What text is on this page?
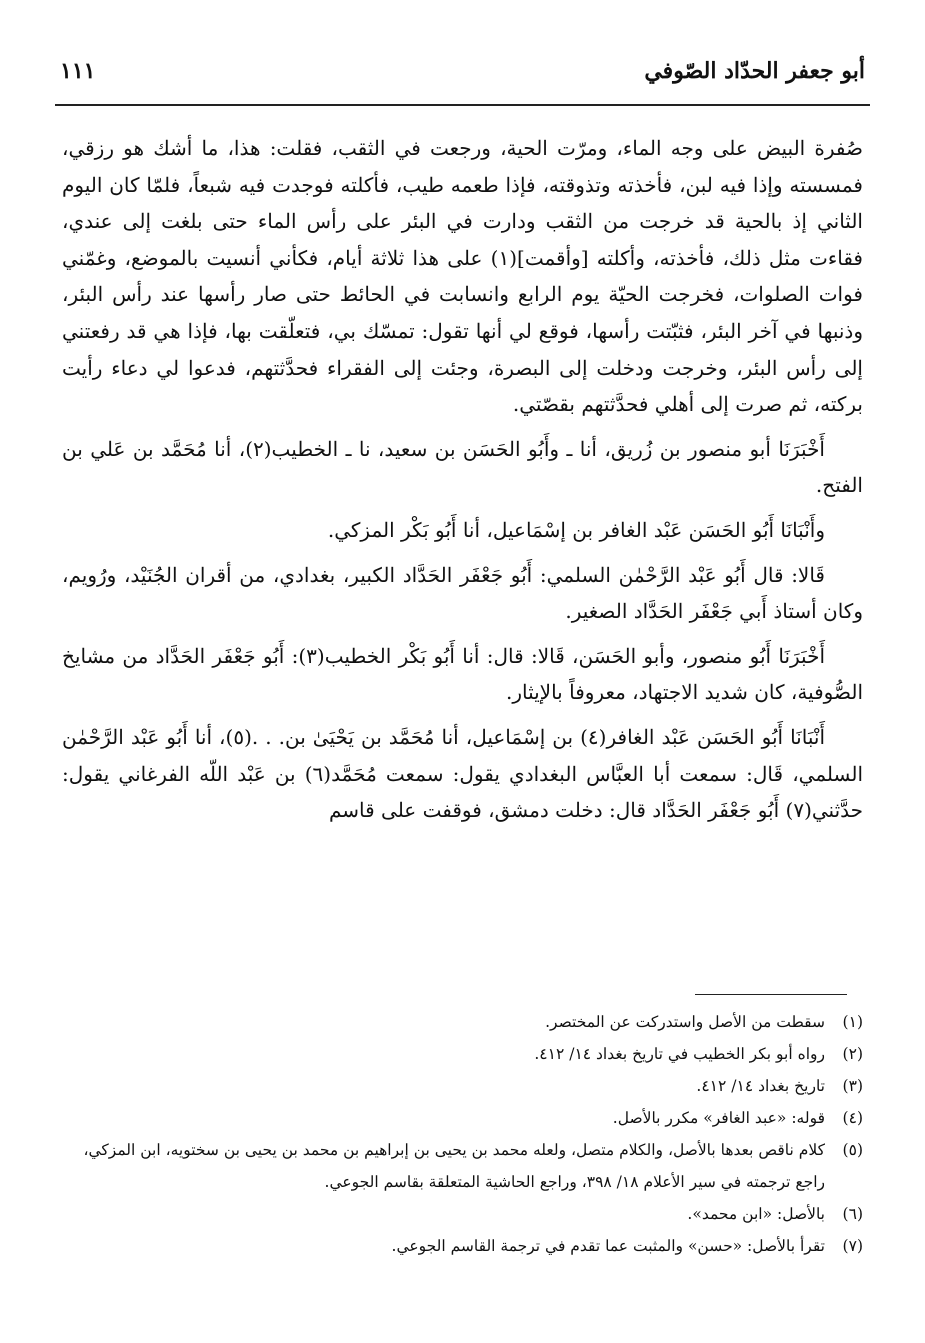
أبو جعفر الحدّاد الصّوفي
١١١

صُفرة البيض على وجه الماء، ومرّت الحية، ورجعت في الثقب، فقلت: هذا، ما أشك هو رزقي، فمسسته وإذا فيه لبن، فأخذته وتذوقته، فإذا طعمه طيب، فأكلته فوجدت فيه شبعاً، فلمّا كان اليوم الثاني إذ بالحية قد خرجت من الثقب ودارت في البئر على رأس الماء حتى بلغت إلى عندي، فقاءت مثل ذلك، فأخذته، وأكلته [وأقمت](١) على هذا ثلاثة أيام، فكأني أنسيت بالموضع، وغمّني فوات الصلوات، فخرجت الحيّة يوم الرابع وانسابت في الحائط حتى صار رأسها عند رأس البئر، وذنبها في آخر البئر، فثبّتت رأسها، فوقع لي أنها تقول: تمسّك بي، فتعلّقت بها، فإذا هي قد رفعتني إلى رأس البئر، وخرجت ودخلت إلى البصرة، وجئت إلى الفقراء فحدَّثتهم، فدعوا لي دعاء رأيت بركته، ثم صرت إلى أهلي فحدَّثتهم بقصّتي.

أَخْبَرَنَا أبو منصور بن زُريق، أنا ـ وأَبُو الحَسَن بن سعيد، نا ـ الخطيب(٢)، أنا مُحَمَّد بن عَلي بن الفتح.

وأَنْبَانَا أَبُو الحَسَن عَبْد الغافر بن إسْمَاعيل، أنا أَبُو بَكْر المزكي.

قَالا: قال أَبُو عَبْد الرَّحْمٰن السلمي: أَبُو جَعْفَر الحَدَّاد الكبير، بغدادي، من أقران الجُنَيْد، ورُويم، وكان أستاذ أَبي جَعْفَر الحَدَّاد الصغير.

أَخْبَرَنَا أَبُو منصور، وأبو الحَسَن، قَالا: قال: أنا أَبُو بَكْر الخطيب(٣): أَبُو جَعْفَر الحَدَّاد من مشايخ الصُّوفية، كان شديد الاجتهاد، معروفاً بالإيثار.

أَنْبَانَا أَبُو الحَسَن عَبْد الغافر(٤) بن إسْمَاعيل، أنا مُحَمَّد بن يَحْيَىٰ بن. . .(٥)، أنا أَبُو عَبْد الرَّحْمٰن السلمي، قَال: سمعت أبا العبَّاس البغدادي يقول: سمعت مُحَمَّد(٦) بن عَبْد اللّه الفرغاني يقول: حدَّثني(٧) أَبُو جَعْفَر الحَدَّاد قال: دخلت دمشق، فوقفت على قاسم

(١)
سقطت من الأصل واستدركت عن المختصر.
(٢)
رواه أبو بكر الخطيب في تاريخ بغداد ١٤/ ٤١٢.
(٣)
تاريخ بغداد ١٤/ ٤١٢.
(٤)
قوله: «عبد الغافر» مكرر بالأصل.
(٥)
كلام ناقص بعدها بالأصل، والكلام متصل، ولعله محمد بن يحيى بن إبراهيم بن محمد بن يحيى بن سختويه، ابن المزكي، راجع ترجمته في سير الأعلام ١٨/ ٣٩٨، وراجع الحاشية المتعلقة بقاسم الجوعي.
(٦)
بالأصل: «ابن محمد».
(٧)
تقرأ بالأصل: «حسن» والمثبت عما تقدم في ترجمة القاسم الجوعي.
